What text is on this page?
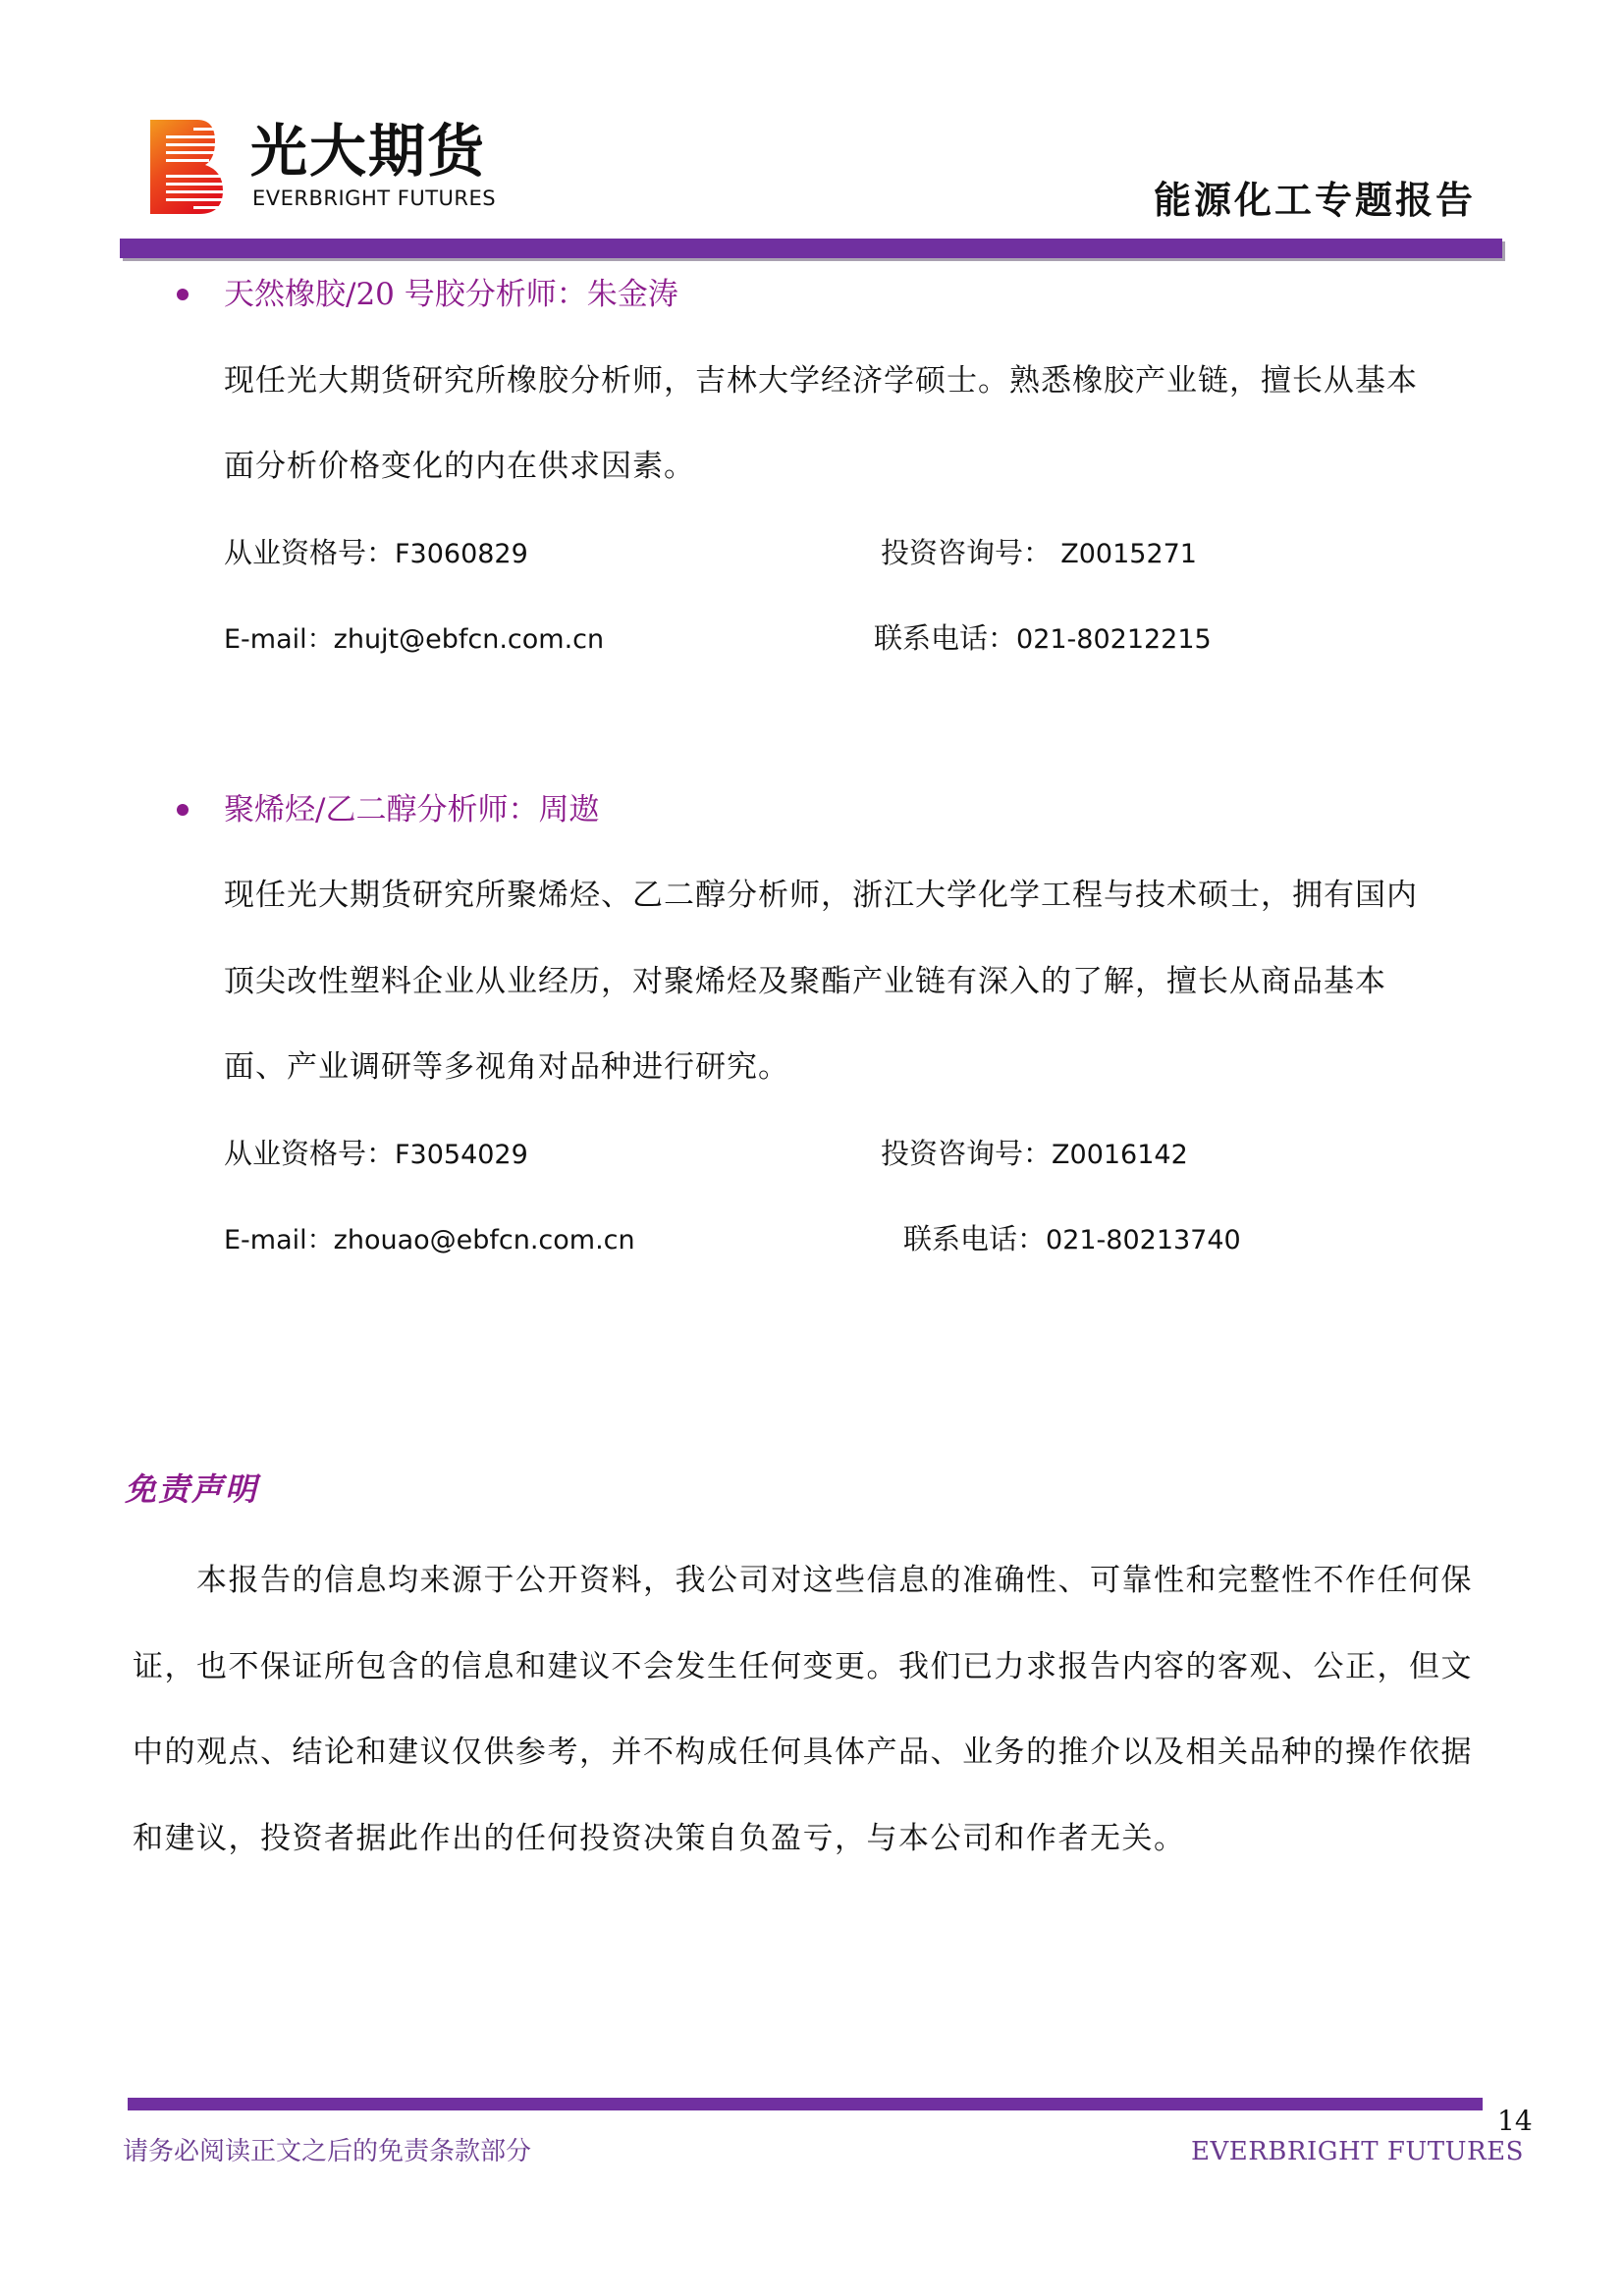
光大期货
EVERBRIGHT FUTURES	能源化工专题报告
天然橡胶/20 号胶分析师：朱金涛
现任光大期货研究所橡胶分析师，吉林大学经济学硕士。熟悉橡胶产业链，擅长从基本
面分析价格变化的内在供求因素。
从业资格号：F3060829	投资咨询号： Z0015271
E-mail：zhujt@ebfcn.com.cn	联系电话：021-80212215
聚烯烃/乙二醇分析师：周遨
现任光大期货研究所聚烯烃、乙二醇分析师，浙江大学化学工程与技术硕士，拥有国内
顶尖改性塑料企业从业经历，对聚烯烃及聚酯产业链有深入的了解，擅长从商品基本
面、产业调研等多视角对品种进行研究。
从业资格号：F3054029	投资咨询号：Z0016142
E-mail：zhouao@ebfcn.com.cn	联系电话：021-80213740
免责声明
本报告的信息均来源于公开资料，我公司对这些信息的准确性、可靠性和完整性不作任何保
证，也不保证所包含的信息和建议不会发生任何变更。我们已力求报告内容的客观、公正，但文
中的观点、结论和建议仅供参考，并不构成任何具体产品、业务的推介以及相关品种的操作依据
和建议，投资者据此作出的任何投资决策自负盈亏，与本公司和作者无关。
14
请务必阅读正文之后的免责条款部分	EVERBRIGHT FUTURES
